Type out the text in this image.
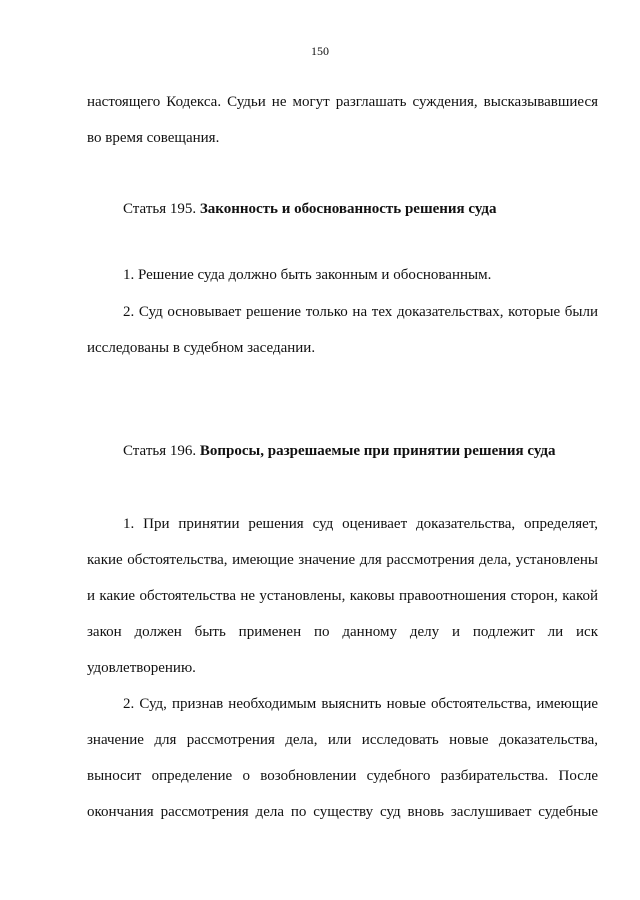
150
настоящего Кодекса. Судьи не могут разглашать суждения, высказывавшиеся
во время совещания.
Статья 195. Законность и обоснованность решения суда
1. Решение суда должно быть законным и обоснованным.
2. Суд основывает решение только на тех доказательствах, которые были
исследованы в судебном заседании.
Статья 196. Вопросы, разрешаемые при принятии решения суда
1. При принятии решения суд оценивает доказательства, определяет,
какие обстоятельства, имеющие значение для рассмотрения дела, установлены
и какие обстоятельства не установлены, каковы правоотношения сторон, какой
закон должен быть применен по данному делу и подлежит ли иск
удовлетворению.
2. Суд, признав необходимым выяснить новые обстоятельства, имеющие
значение для рассмотрения дела, или исследовать новые доказательства,
выносит определение о возобновлении судебного разбирательства. После
окончания рассмотрения дела по существу суд вновь заслушивает судебные
